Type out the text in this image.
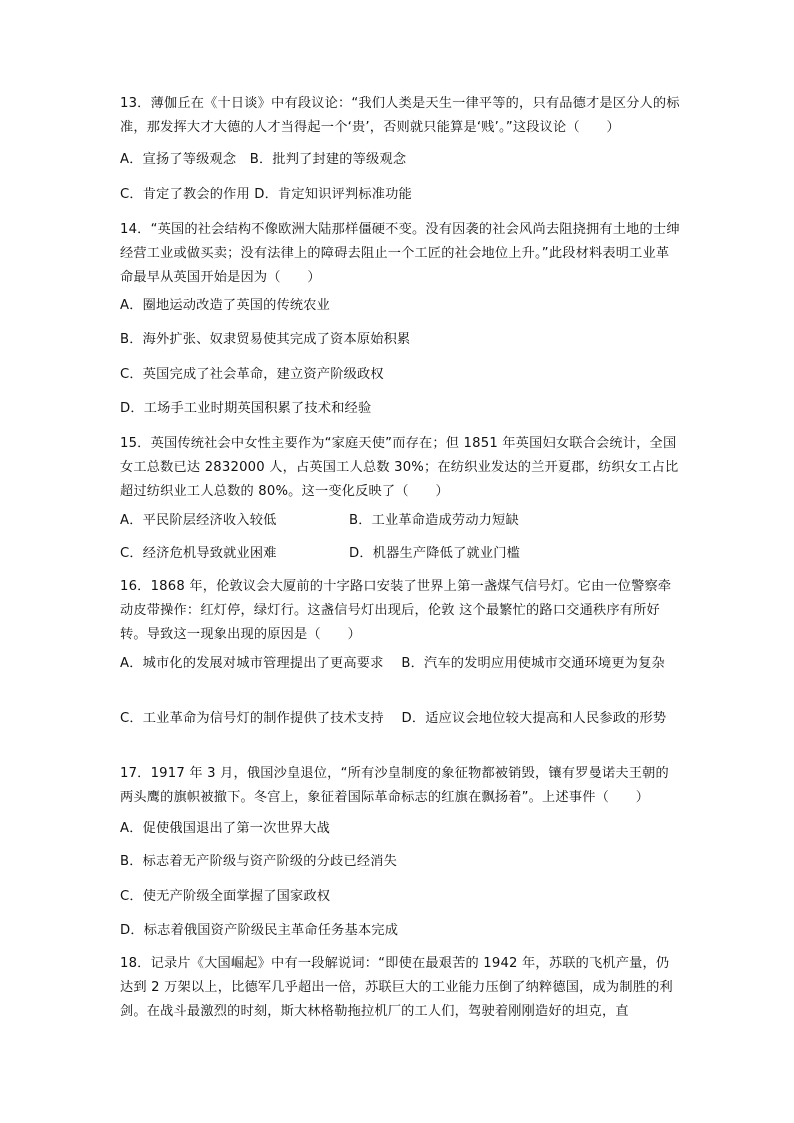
13．薄伽丘在《十日谈》中有段议论：“我们人类是天生一律平等的，只有品德才是区分人的标准，那发挥大才大德的人才当得起一个‘贵’，否则就只能算是‘贱’。”这段议论（　　）
A．宣扬了等级观念　B．批判了封建的等级观念
C．肯定了教会的作用 D．肯定知识评判标准功能
14．“英国的社会结构不像欧洲大陆那样僵硬不变。没有因袭的社会风尚去阻挠拥有土地的士绅经营工业或做买卖；没有法律上的障碍去阻止一个工匠的社会地位上升。”此段材料表明工业革命最早从英国开始是因为（　　）
A．圈地运动改造了英国的传统农业
B．海外扩张、奴隶贸易使其完成了资本原始积累
C．英国完成了社会革命，建立资产阶级政权
D．工场手工业时期英国积累了技术和经验
15．英国传统社会中女性主要作为“家庭天使”而存在；但 1851 年英国妇女联合会统计，全国女工总数已达 2832000 人，占英国工人总数 30%；在纺织业发达的兰开夏郡，纺织女工占比超过纺织业工人总数的 80%。这一变化反映了（　　）
A．平民阶层经济收入较低	B．工业革命造成劳动力短缺
C．经济危机导致就业困难	D．机器生产降低了就业门槛
16．1868 年，伦敦议会大厦前的十字路口安装了世界上第一盏煤气信号灯。它由一位警察牵动皮带操作：红灯停，绿灯行。这盏信号灯出现后，伦敦 这个最繁忙的路口交通秩序有所好转。导致这一现象出现的原因是（　　）
A．城市化的发展对城市管理提出了更高要求　 B．汽车的发明应用使城市交通环境更为复杂
C．工业革命为信号灯的制作提供了技术支持　 D．适应议会地位较大提高和人民参政的形势
17．1917 年 3 月，俄国沙皇退位，“所有沙皇制度的象征物都被销毁，镶有罗曼诺夫王朝的两头鹰的旗帜被撤下。冬宫上，象征着国际革命标志的红旗在飘扬着”。上述事件（　　）
A．促使俄国退出了第一次世界大战
B．标志着无产阶级与资产阶级的分歧已经消失
C．使无产阶级全面掌握了国家政权
D．标志着俄国资产阶级民主革命任务基本完成
18．记录片《大国崛起》中有一段解说词：“即使在最艰苦的 1942 年，苏联的飞机产量，仍达到 2 万架以上，比德军几乎超出一倍，苏联巨大的工业能力压倒了纳粹德国，成为制胜的利剑。在战斗最激烈的时刻，斯大林格勒拖拉机厂的工人们，驾驶着刚刚造好的坦克，直
